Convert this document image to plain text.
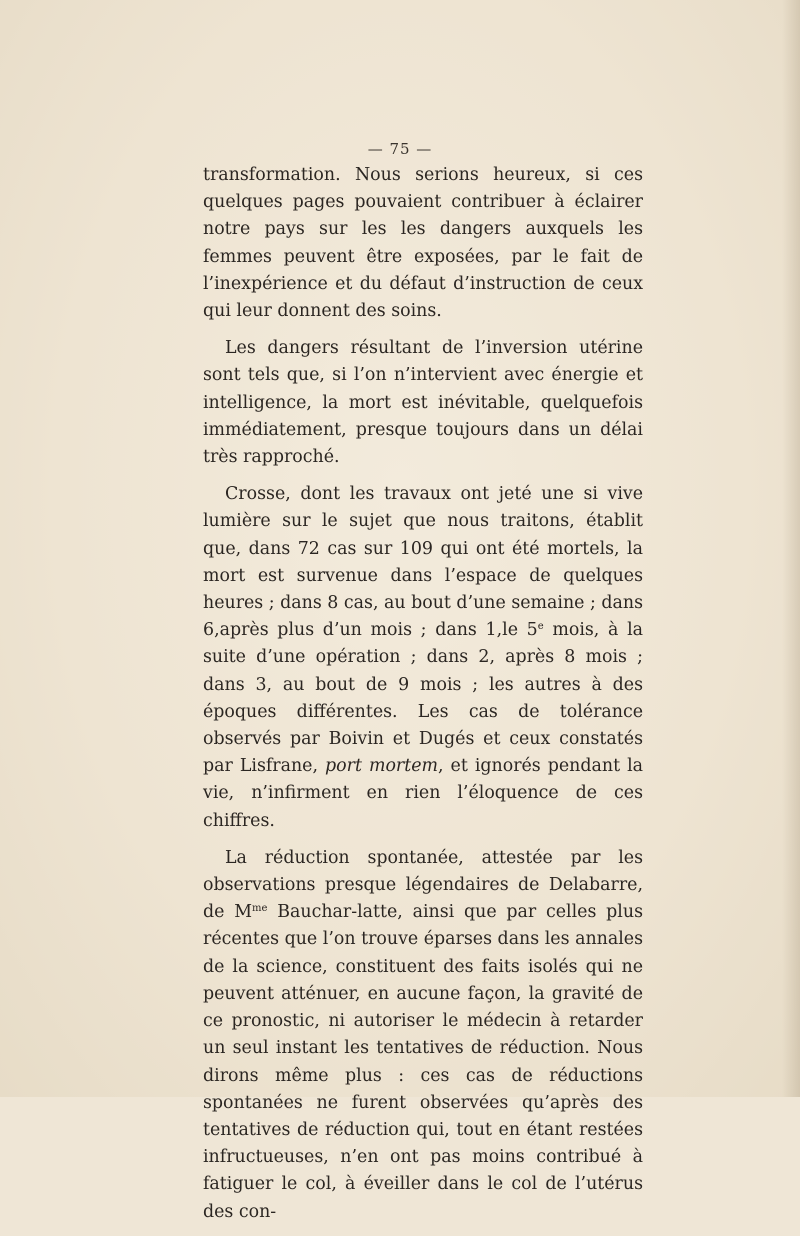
— 75 —

transformation. Nous serions heureux, si ces quelques pages pouvaient contribuer à éclairer notre pays sur les les dangers auxquels les femmes peuvent être exposées, par le fait de l’inexpérience et du défaut d’instruction de ceux qui leur donnent des soins.

Les dangers résultant de l’inversion utérine sont tels que, si l’on n’intervient avec énergie et intelligence, la mort est inévitable, quelquefois immédiatement, presque toujours dans un délai très rapproché.

Crosse, dont les travaux ont jeté une si vive lumière sur le sujet que nous traitons, établit que, dans 72 cas sur 109 qui ont été mortels, la mort est survenue dans l’espace de quelques heures ; dans 8 cas, au bout d’une semaine ; dans 6,après plus d’un mois ; dans 1,le 5e mois, à la suite d’une opération ; dans 2, après 8 mois ; dans 3, au bout de 9 mois ; les autres à des époques différentes. Les cas de tolérance observés par Boivin et Dugés et ceux constatés par Lisfrane, port mortem, et ignorés pendant la vie, n’infirment en rien l’éloquence de ces chiffres.

La réduction spontanée, attestée par les observations presque légendaires de Delabarre, de $M^{me}$ Bauchar-latte, ainsi que par celles plus récentes que l’on trouve éparses dans les annales de la science, constituent des faits isolés qui ne peuvent atténuer, en aucune façon, la gravité de ce pronostic, ni autoriser le médecin à retarder un seul instant les tentatives de réduction. Nous dirons même plus : ces cas de réductions spontanées ne furent observées qu’après des tentatives de réduction qui, tout en étant restées infructueuses, n’en ont pas moins contribué à fatiguer le col, à éveiller dans le col de l’utérus des con-
